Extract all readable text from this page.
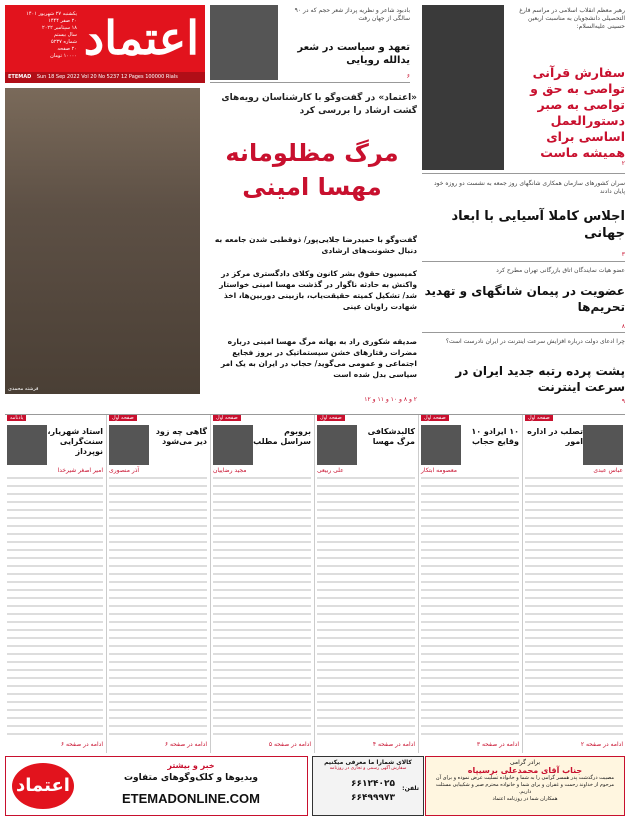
اعتماد
یکشنبه ۲۷ شهریور ۱۴۰۱
۲۰ صفر ۱۴۴۴
۱۸ سپتامبر ۲۰۲۲
سال بیستم
شماره ۵۲۳۷
۲۰ صفحه
۱۰۰۰۰ تومان
ETEMAD Sun 18 Sep 2022 Vol 20 No 5237 12 Pages 100000 Rials
بادبود شاعر و نظریه پرداز شعر حجم که در ۹۰ سالگی از جهان رفت
تعهد و سیاست در شعر یدالله رویایی
۶
رهبر معظم انقلاب اسلامی در مراسم فارغ التحصیلی دانشجویان به مناسبت اربعین حسینی علیه‌السلام:
سفارش قرآنی تواصی به حق و تواصی به صبر دستورالعمل اساسی برای همیشه ماست
۲
سران کشورهای سازمان همکاری شانگهای روز جمعه به نشست دو روزه خود پایان دادند
اجلاس کاملا آسیایی با ابعاد جهانی
۳
عضو هیات نمایندگان اتاق بازرگانی تهران مطرح کرد
عضویت در پیمان شانگهای و تهدید تحریم‌ها
۸
چرا ادعای دولت درباره افزایش سرعت اینترنت در ایران نادرست است؟
پشت پرده رتبه جدید ایران در سرعت اینترنت
۹
فرشته محمدی
«اعتماد» در گفت‌وگو با کارشناسان رویه‌های گشت ارشاد را بررسی کرد
مرگ مظلومانه
مهسا امینی
گفت‌وگو با حمیدرضا جلایی‌پور/ ذوقطبی شدن جامعه به دنبال خشونت‌های ارشادی
کمیسیون حقوق بشر کانون وکلای دادگستری مرکز در واکنش به حادثه ناگوار در گذشت مهسا امینی خواستار شد/ تشکیل کمیته حقیقت‌یاب، بازبینی دوربین‌ها، اخذ شهادت راویان عینی
صدیقه شکوری راد به بهانه مرگ مهسا امینی درباره مضرات رفتارهای خشن سیستماتیک در بروز فجایع اجتماعی و عمومی می‌گوید/ حجاب در ایران به یک امر سیاسی بدل شده است
۲ و ۸ و ۱۰ و ۱۱ و ۱۲
صفحه اول
تصلب در اداره امور
عباس عبدی
ادامه در صفحه ۲
صفحه اول
۱۰ ایرادو ۱۰ وقایع حجاب
معصومه ابتکار
ادامه در صفحه ۳
صفحه اول
کالبدشکافی مرگ مهسا
علی ربیعی
ادامه در صفحه ۴
صفحه اول
بروبوم سراسل مطلب
مجید رضاییان
ادامه در صفحه ۵
صفحه اول
گاهی چه زود دیر می‌شود
آذر منصوری
ادامه در صفحه ۶
یادنامه
استاد شهریار، سنت‌گرایی نوپرداز
امیر اصغر شیرخدا
ادامه در صفحه ۶
برادر گرامی
جناب آقای محمدعلی برسیپاه
مصیبت درگذشت پدر همسر گرامی را به شما و خانواده تسلیت عرض نموده و برای آن مرحوم از خداوند رحمت و غفران و برای شما و خانواده محترم صبر و شکیبایی مسئلت داریم.
همکاران شما در روزنامه اعتماد
کالای شمارا ما معرفی میکنیم
سفارش آگهی رسمی و تجاری در روزنامه
تلفن:
۶۶۱۲۴۰۲۵
۶۶۴۹۹۹۷۳
اعتماد
خبر و بیشتر
ویدیوها و کلک‌وگوهای متفاوت
ETEMADONLINE.COM
